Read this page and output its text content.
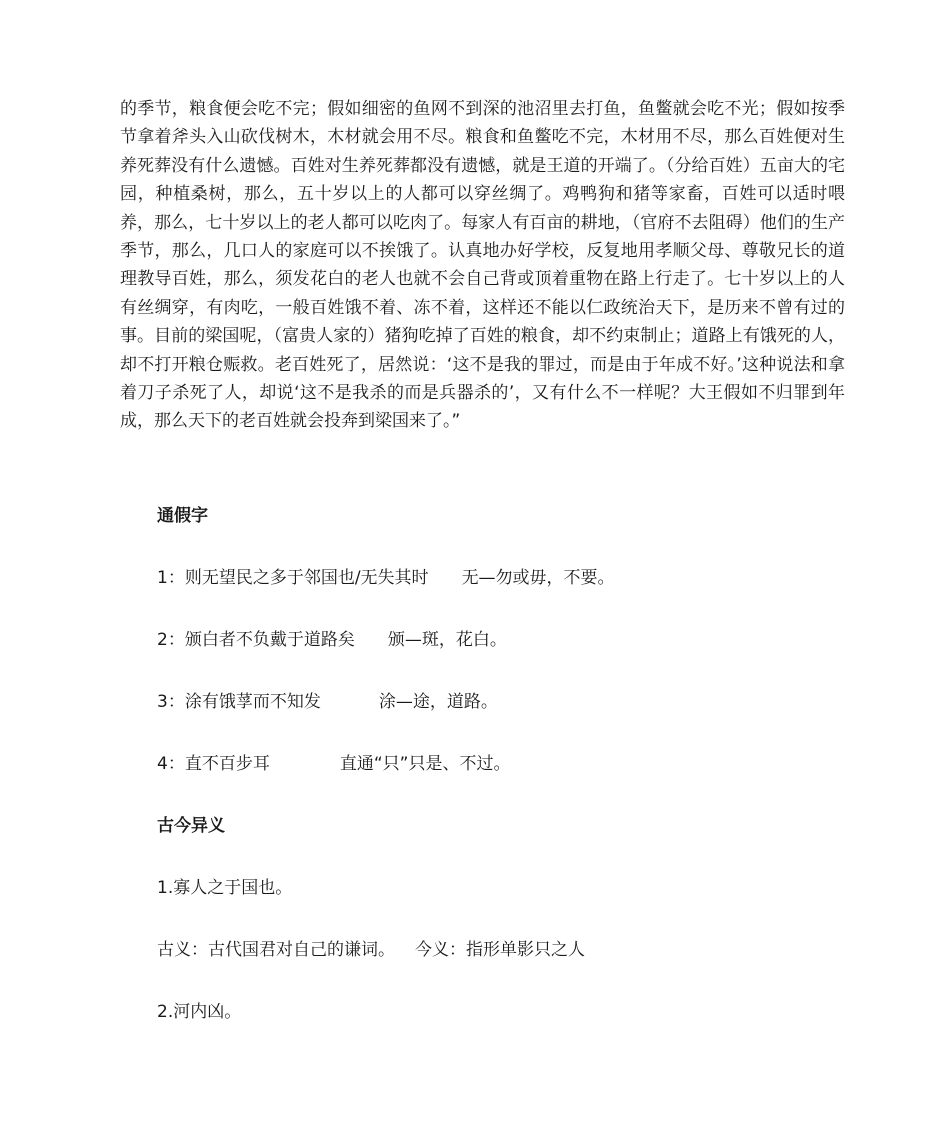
的季节，粮食便会吃不完；假如细密的鱼网不到深的池沼里去打鱼，鱼鳖就会吃不光；假如按季节拿着斧头入山砍伐树木，木材就会用不尽。粮食和鱼鳖吃不完，木材用不尽，那么百姓便对生养死葬没有什么遗憾。百姓对生养死葬都没有遗憾，就是王道的开端了。（分给百姓）五亩大的宅园，种植桑树，那么，五十岁以上的人都可以穿丝绸了。鸡鸭狗和猪等家畜，百姓可以适时喂养，那么，七十岁以上的老人都可以吃肉了。每家人有百亩的耕地，（官府不去阻碍）他们的生产季节，那么，几口人的家庭可以不挨饿了。认真地办好学校，反复地用孝顺父母、尊敬兄长的道理教导百姓，那么，须发花白的老人也就不会自己背或顶着重物在路上行走了。七十岁以上的人有丝绸穿，有肉吃，一般百姓饿不着、冻不着，这样还不能以仁政统治天下，是历来不曾有过的事。目前的梁国呢，（富贵人家的）猪狗吃掉了百姓的粮食，却不约束制止；道路上有饿死的人，却不打开粮仓赈救。老百姓死了，居然说：‘这不是我的罪过，而是由于年成不好。’这种说法和拿着刀子杀死了人，却说‘这不是我杀的而是兵器杀的’，又有什么不一样呢？大王假如不归罪到年成，那么天下的老百姓就会投奔到梁国来了。”
通假字
1：则无望民之多于邻国也/无失其时 无—勿或毋，不要。
2：颁白者不负戴于道路矣 颁—斑，花白。
3：涂有饿莩而不知发	涂—途，道路。
4：直不百步耳	直通“只”只是、不过。
古今异义
1.寡人之于国也。
古义：古代国君对自己的谦词。 今义：指形单影只之人
2.河内凶。
